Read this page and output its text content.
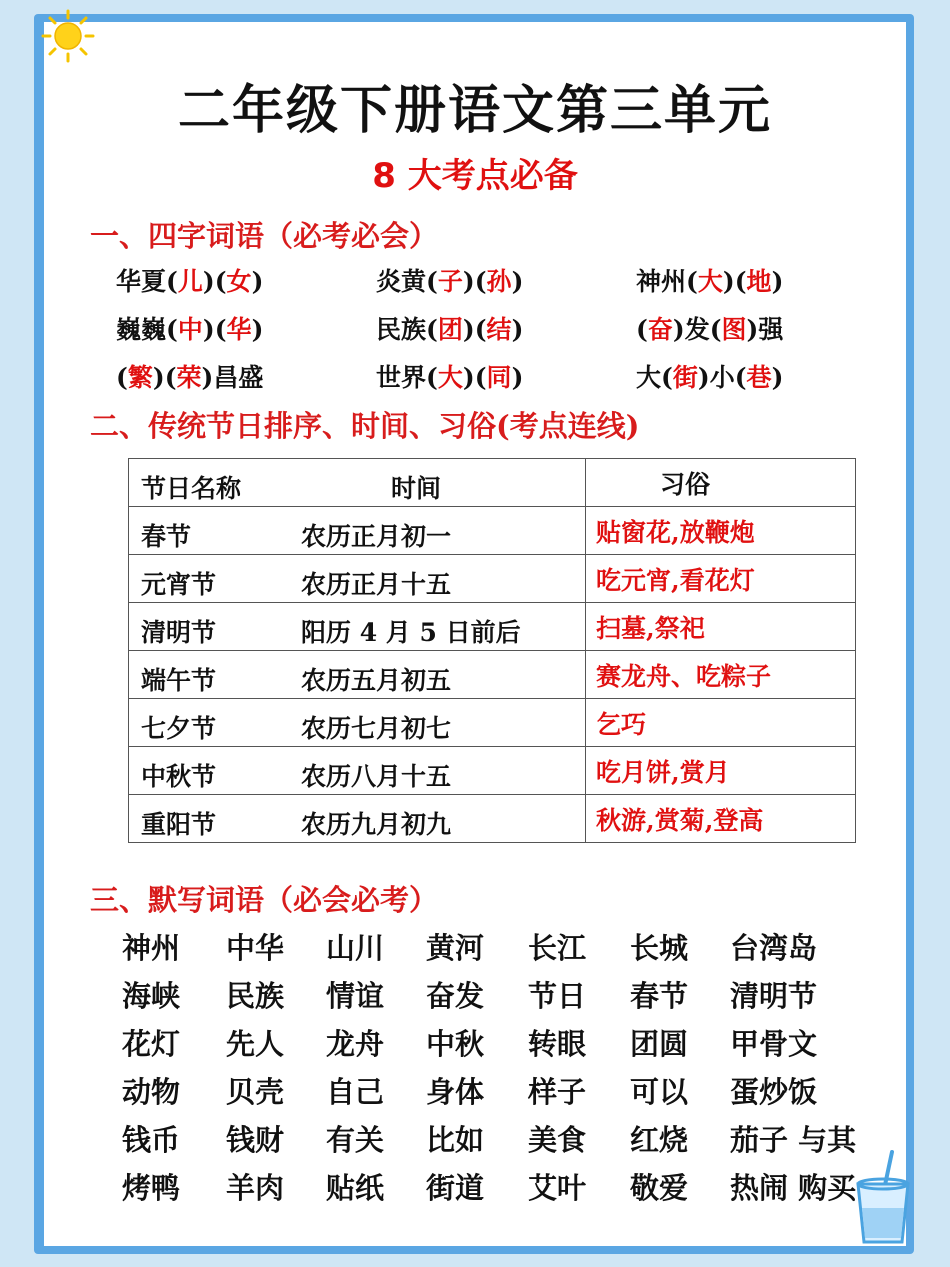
二年级下册语文第三单元
8 大考点必备
一、四字词语（必考必会）
华夏(儿)(女)	炎黄(子)(孙)	神州(大)(地)
巍巍(中)(华)	民族(团)(结)	(奋)发(图)强
(繁)(荣)昌盛	世界(大)(同)	大(街)小(巷)
二、传统节日排序、时间、习俗(考点连线)
节日名称 时间	习俗

春节 农历正月初一	贴窗花,放鞭炮

元宵节 农历正月十五	吃元宵,看花灯

清明节 阳历 4 月 5 日前后	扫墓,祭祀

端午节 农历五月初五	赛龙舟、吃粽子

七夕节 农历七月初七	乞巧

中秋节 农历八月十五	吃月饼,赏月

重阳节 农历九月初九	秋游,赏菊,登高
三、默写词语（必会必考）
神州 中华 山川 黄河 长江 长城 台湾岛
海峡 民族 情谊 奋发 节日 春节 清明节
花灯 先人 龙舟 中秋 转眼 团圆 甲骨文
动物 贝壳 自己 身体 样子 可以 蛋炒饭
钱币 钱财 有关 比如 美食 红烧 茄子 与其
烤鸭 羊肉 贴纸 街道 艾叶 敬爱 热闹 购买
